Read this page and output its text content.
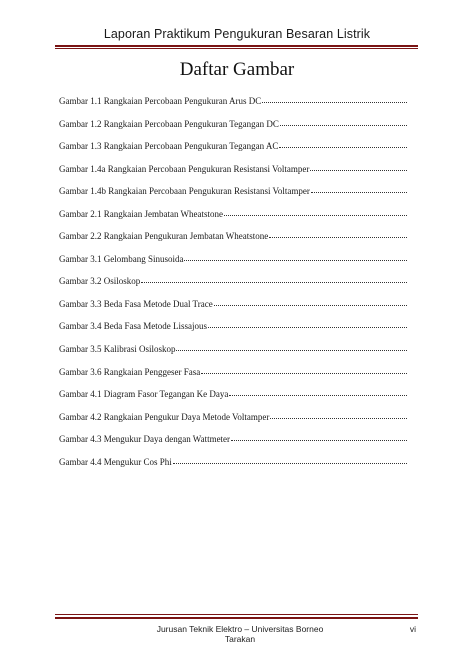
Laporan Praktikum Pengukuran Besaran Listrik
Daftar Gambar
Gambar 1.1 Rangkaian Percobaan Pengukuran Arus DC
Gambar 1.2 Rangkaian Percobaan Pengukuran Tegangan DC
Gambar 1.3 Rangkaian Percobaan Pengukuran Tegangan AC
Gambar 1.4a Rangkaian Percobaan Pengukuran Resistansi Voltamper
Gambar 1.4b Rangkaian Percobaan Pengukuran Resistansi Voltamper
Gambar 2.1 Rangkaian Jembatan Wheatstone
Gambar 2.2 Rangkaian Pengukuran Jembatan Wheatstone
Gambar 3.1 Gelombang Sinusoida
Gambar 3.2 Osiloskop
Gambar 3.3 Beda Fasa Metode Dual Trace
Gambar 3.4 Beda Fasa Metode Lissajous
Gambar 3.5 Kalibrasi Osiloskop
Gambar 3.6 Rangkaian Penggeser Fasa
Gambar 4.1 Diagram Fasor Tegangan Ke Daya
Gambar 4.2 Rangkaian Pengukur Daya Metode Voltamper
Gambar 4.3 Mengukur Daya dengan Wattmeter
Gambar 4.4 Mengukur Cos Phi
Jurusan Teknik Elektro – Universitas Borneo Tarakan
vi
